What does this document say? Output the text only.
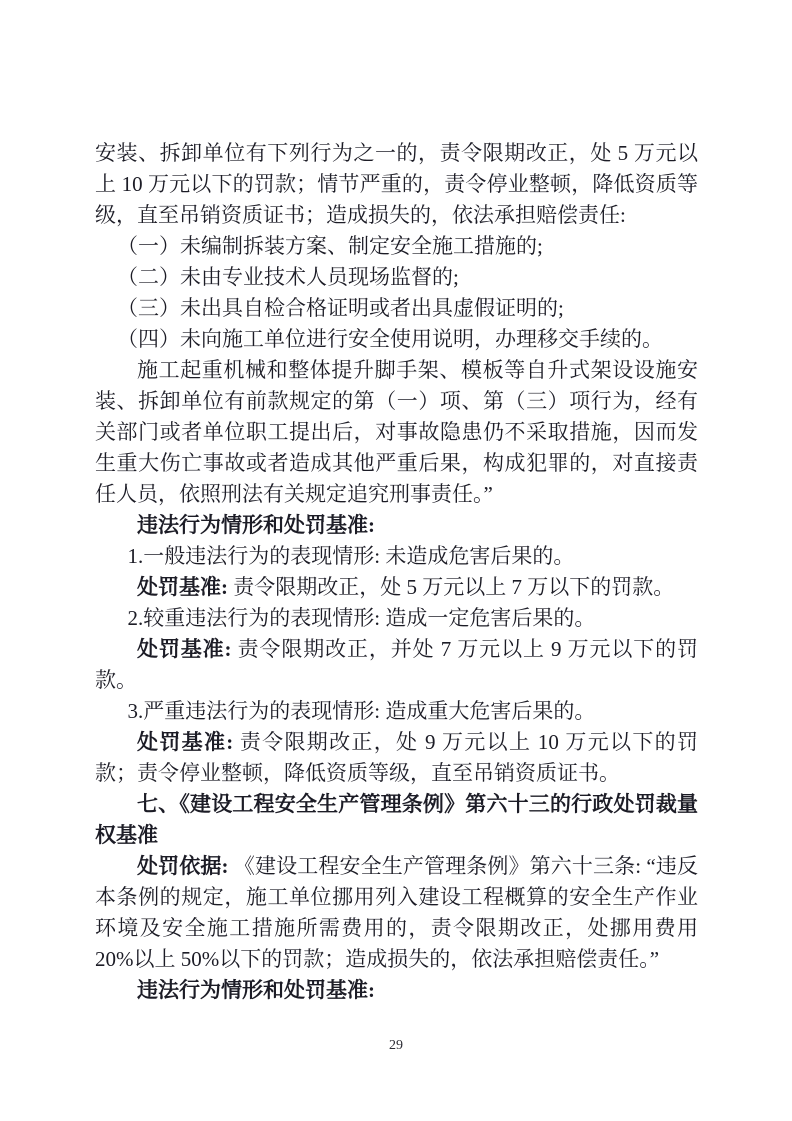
安装、拆卸单位有下列行为之一的，责令限期改正，处 5 万元以上 10 万元以下的罚款；情节严重的，责令停业整顿，降低资质等级，直至吊销资质证书；造成损失的，依法承担赔偿责任:

（一）未编制拆装方案、制定安全施工措施的;

（二）未由专业技术人员现场监督的;

（三）未出具自检合格证明或者出具虚假证明的;

（四）未向施工单位进行安全使用说明，办理移交手续的。

施工起重机械和整体提升脚手架、模板等自升式架设设施安装、拆卸单位有前款规定的第（一）项、第（三）项行为，经有关部门或者单位职工提出后，对事故隐患仍不采取措施，因而发生重大伤亡事故或者造成其他严重后果，构成犯罪的，对直接责任人员，依照刑法有关规定追究刑事责任。”

违法行为情形和处罚基准:

1.一般违法行为的表现情形: 未造成危害后果的。

处罚基准: 责令限期改正，处 5 万元以上 7 万以下的罚款。

2.较重违法行为的表现情形: 造成一定危害后果的。

处罚基准: 责令限期改正，并处 7 万元以上 9 万元以下的罚款。

3.严重违法行为的表现情形: 造成重大危害后果的。

处罚基准: 责令限期改正，处 9 万元以上 10 万元以下的罚款；责令停业整顿，降低资质等级，直至吊销资质证书。

七、《建设工程安全生产管理条例》第六十三的行政处罚裁量权基准

处罚依据: 《建设工程安全生产管理条例》第六十三条: “违反本条例的规定，施工单位挪用列入建设工程概算的安全生产作业环境及安全施工措施所需费用的，责令限期改正，处挪用费用 20%以上 50%以下的罚款；造成损失的，依法承担赔偿责任。”

违法行为情形和处罚基准:

29
